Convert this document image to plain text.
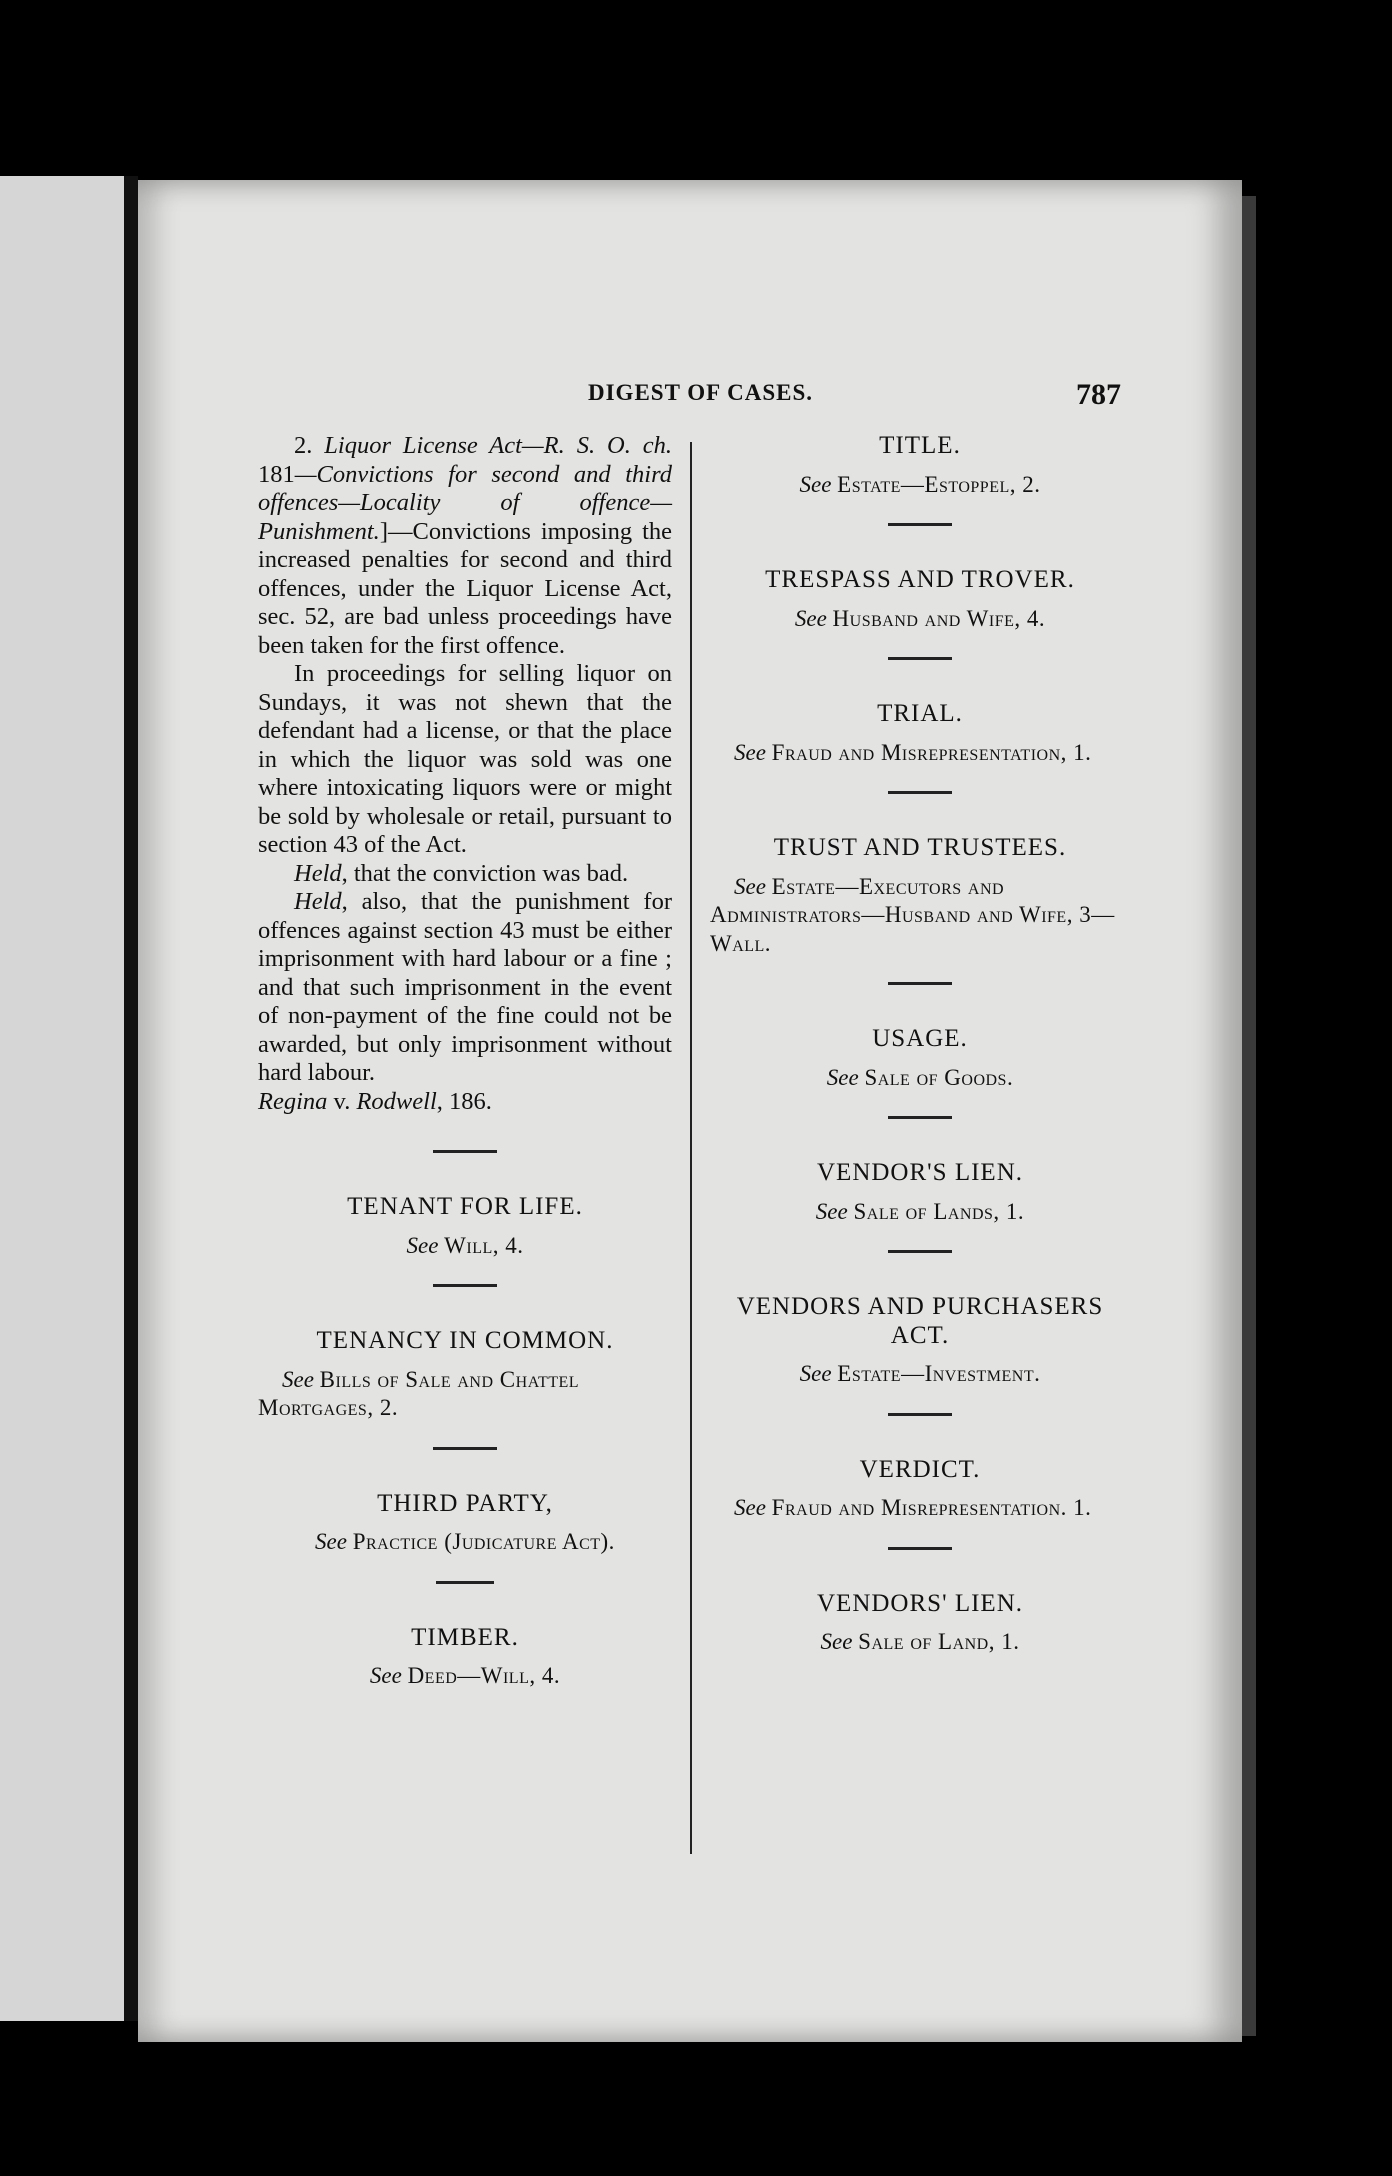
DIGEST OF CASES.	787

2. Liquor License Act—R. S. O. ch. 181—Convictions for second and third offences—Locality of offence—Punishment.]—Convictions imposing the increased penalties for second and third offences, under the Liquor License Act, sec. 52, are bad unless proceedings have been taken for the first offence.

In proceedings for selling liquor on Sundays, it was not shewn that the defendant had a license, or that the place in which the liquor was sold was one where intoxicating liquors were or might be sold by wholesale or retail, pursuant to section 43 of the Act.

Held, that the conviction was bad.

Held, also, that the punishment for offences against section 43 must be either imprisonment with hard labour or a fine ; and that such imprisonment in the event of non-payment of the fine could not be awarded, but only imprisonment without hard labour.
Regina v. Rodwell, 186.

TENANT FOR LIFE.

See Will, 4.

TENANCY IN COMMON.

See Bills of Sale and Chattel Mortgages, 2.

THIRD PARTY,

See Practice (Judicature Act).

TIMBER.

See Deed—Will, 4.

TITLE.

See Estate—Estoppel, 2.

TRESPASS AND TROVER.

See Husband and Wife, 4.

TRIAL.

See Fraud and Misrepresentation, 1.

TRUST AND TRUSTEES.

See Estate—Executors and Administrators—Husband and Wife, 3—Wall.

USAGE.

See Sale of Goods.

VENDOR'S LIEN.

See Sale of Lands, 1.

VENDORS AND PURCHASERS ACT.

See Estate—Investment.

VERDICT.

See Fraud and Misrepresentation. 1.

VENDORS' LIEN.

See Sale of Land, 1.
